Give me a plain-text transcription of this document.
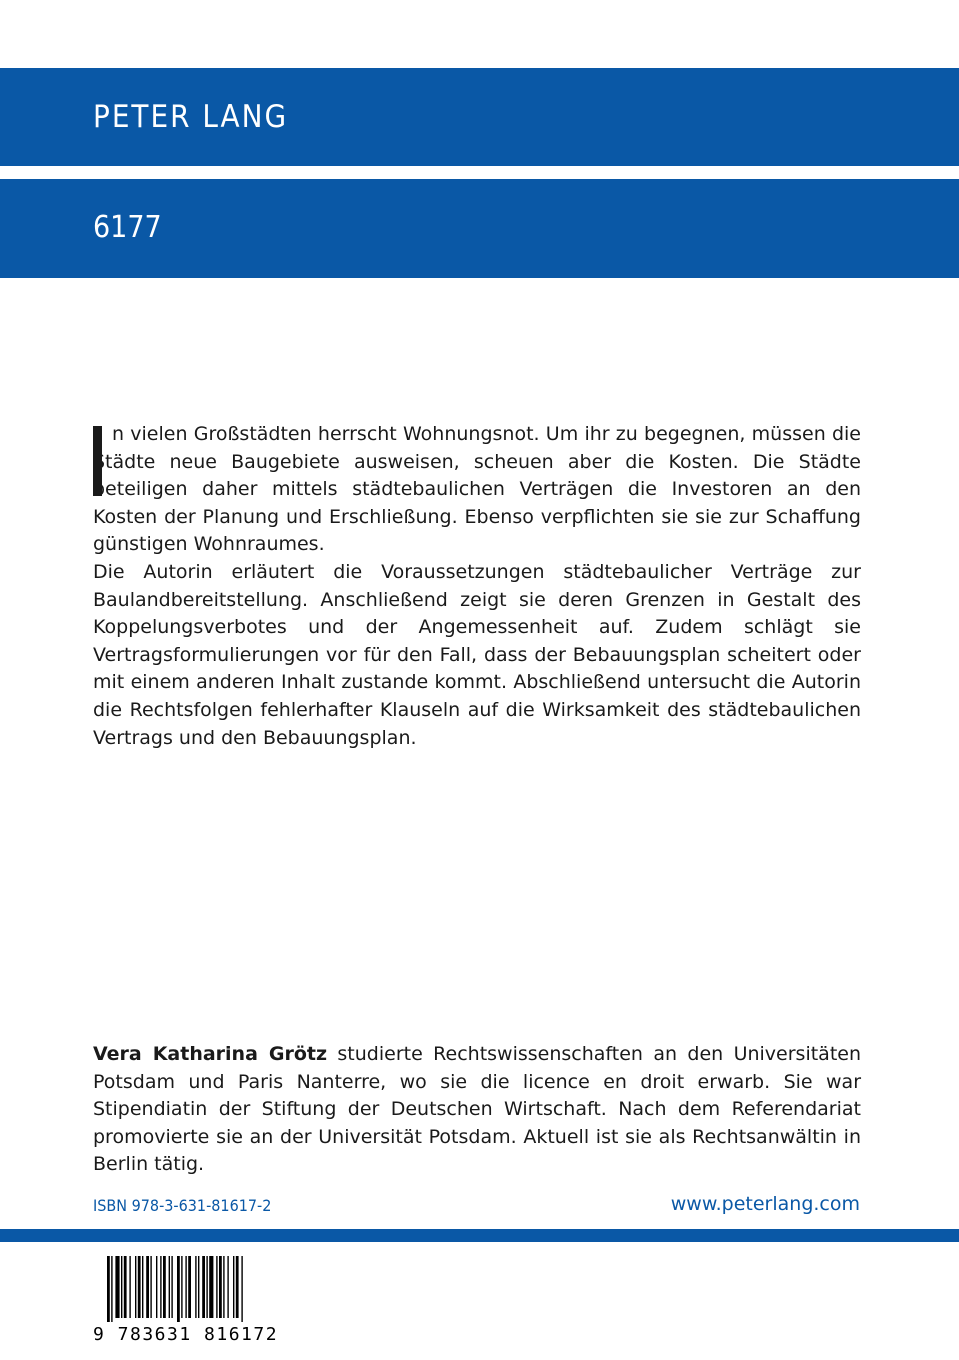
PETER LANG
6177

n vielen Großstädten herrscht Wohnungsnot. Um ihr zu begegnen, müssen die Städte neue Baugebiete ausweisen, scheuen aber die Kosten. Die Städte beteiligen daher mittels städtebaulichen Verträgen die Investoren an den Kosten der Planung und Erschließung. Ebenso verpflichten sie sie zur Schaffung günstigen Wohnraumes.

Die Autorin erläutert die Voraussetzungen städtebaulicher Verträge zur Baulandbereitstellung. Anschließend zeigt sie deren Grenzen in Gestalt des Koppelungsverbotes und der Angemessenheit auf. Zudem schlägt sie Vertragsformulierungen vor für den Fall, dass der Bebauungsplan scheitert oder mit einem anderen Inhalt zustande kommt. Abschließend untersucht die Autorin die Rechtsfolgen fehlerhafter Klauseln auf die Wirksamkeit des städtebaulichen Vertrags und den Bebauungsplan.

Vera Katharina Grötz studierte Rechtswissenschaften an den Universitäten Potsdam und Paris Nanterre, wo sie die licence en droit erwarb. Sie war Stipendiatin der Stiftung der Deutschen Wirtschaft. Nach dem Referendariat promovierte sie an der Universität Potsdam. Aktuell ist sie als Rechtsanwältin in Berlin tätig.

ISBN 978-3-631-81617-2	www.peterlang.com
9 783631 816172
